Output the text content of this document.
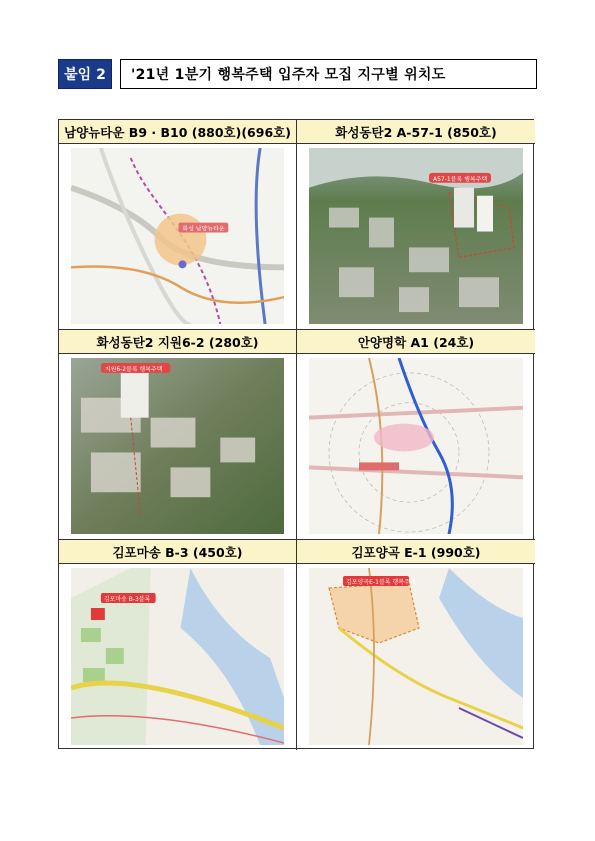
붙임 2	'21년 1분기 행복주택 입주자 모집 지구별 위치도
남양뉴타운 B9 · B10 (880호)(696호)
화성 남양뉴타운
화성동탄2 A-57-1 (850호)
A57-1블록 행복주택
화성동탄2 지원6-2 (280호)
지원6-2블록 행복주택
안양명학 A1 (24호)
김포마송 B-3 (450호)
김포마송 B-3블록
김포양곡 E-1 (990호)
김포양곡E-1블록 행복주택
